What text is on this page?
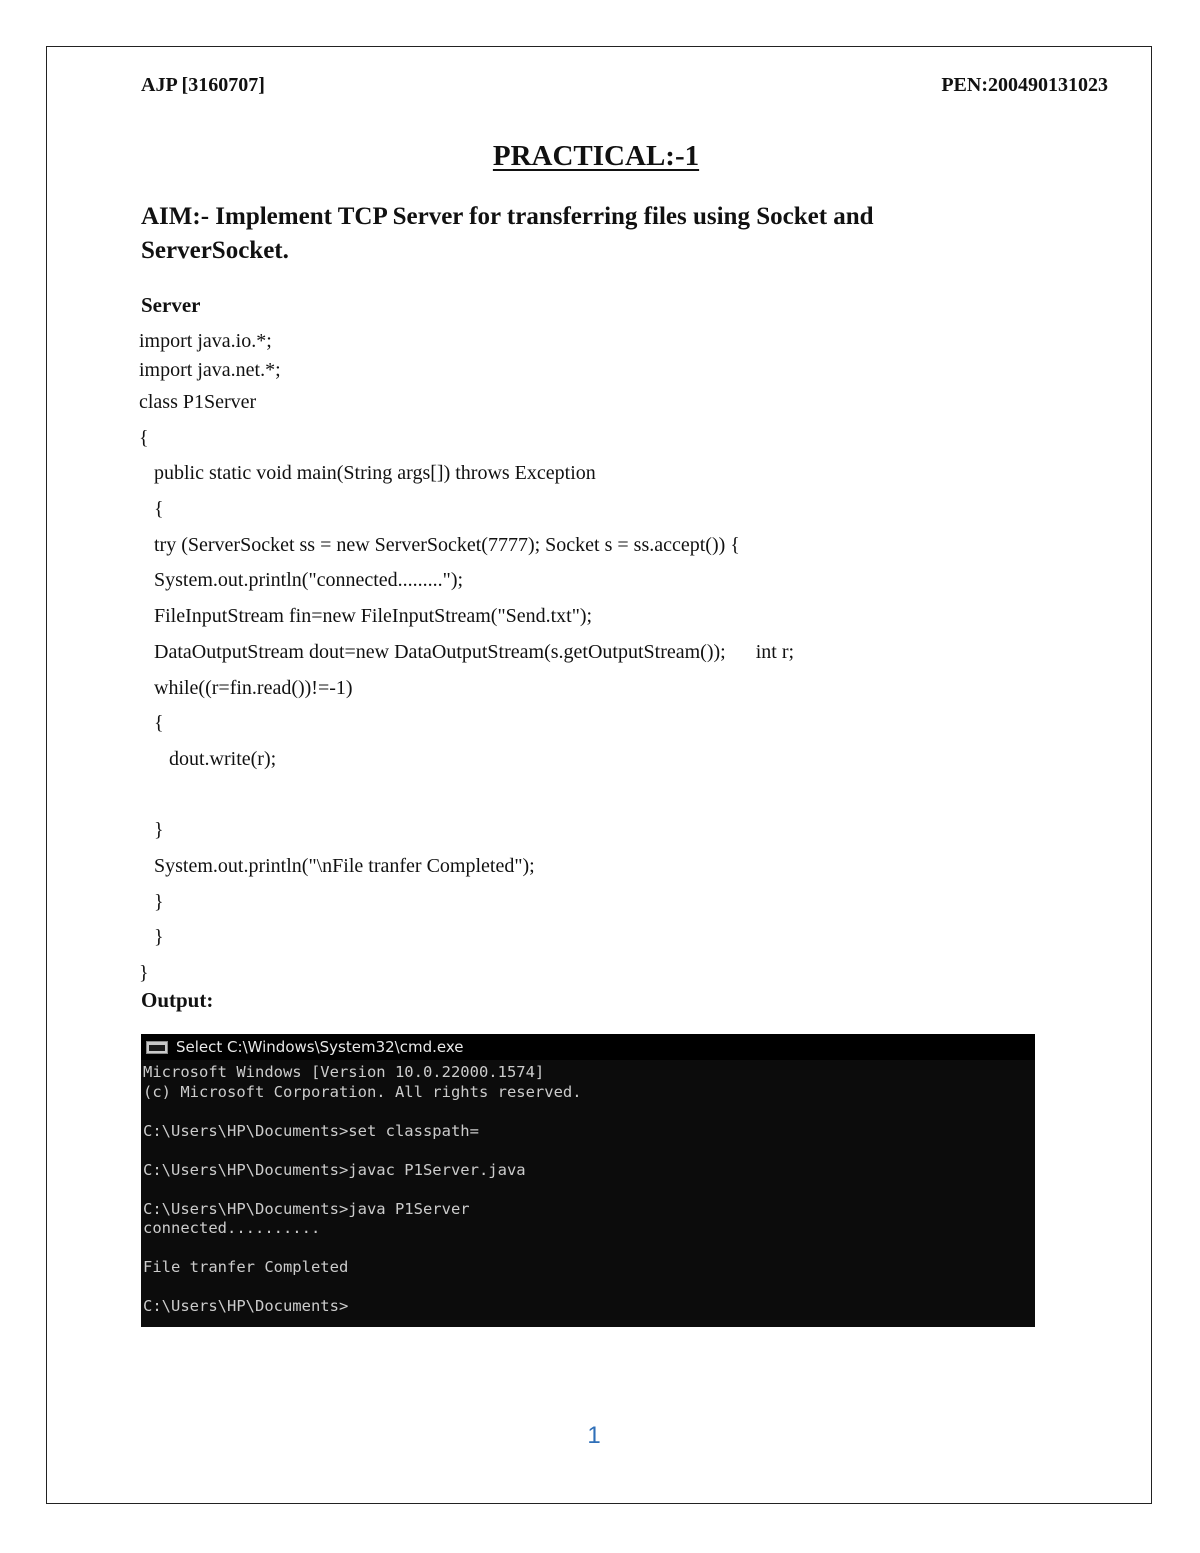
AJP [3160707]	PEN:200490131023
PRACTICAL:-1
AIM:- Implement TCP Server for transferring files using Socket and ServerSocket.
Server
import java.io.*;
import java.net.*;
class P1Server
{
public static void main(String args[]) throws Exception
{
try (ServerSocket ss = new ServerSocket(7777); Socket s = ss.accept()) {
System.out.println("connected.........");
FileInputStream fin=new FileInputStream("Send.txt");
DataOutputStream dout=new DataOutputStream(s.getOutputStream());      int r;
while((r=fin.read())!=-1)
{
dout.write(r);
}
System.out.println("\nFile tranfer Completed");
}
}
}
Output:
Select C:\Windows\System32\cmd.exe
Microsoft Windows [Version 10.0.22000.1574]
(c) Microsoft Corporation. All rights reserved.
C:\Users\HP\Documents>set classpath=
C:\Users\HP\Documents>javac P1Server.java
C:\Users\HP\Documents>java P1Server
connected..........
File tranfer Completed
C:\Users\HP\Documents>
1
